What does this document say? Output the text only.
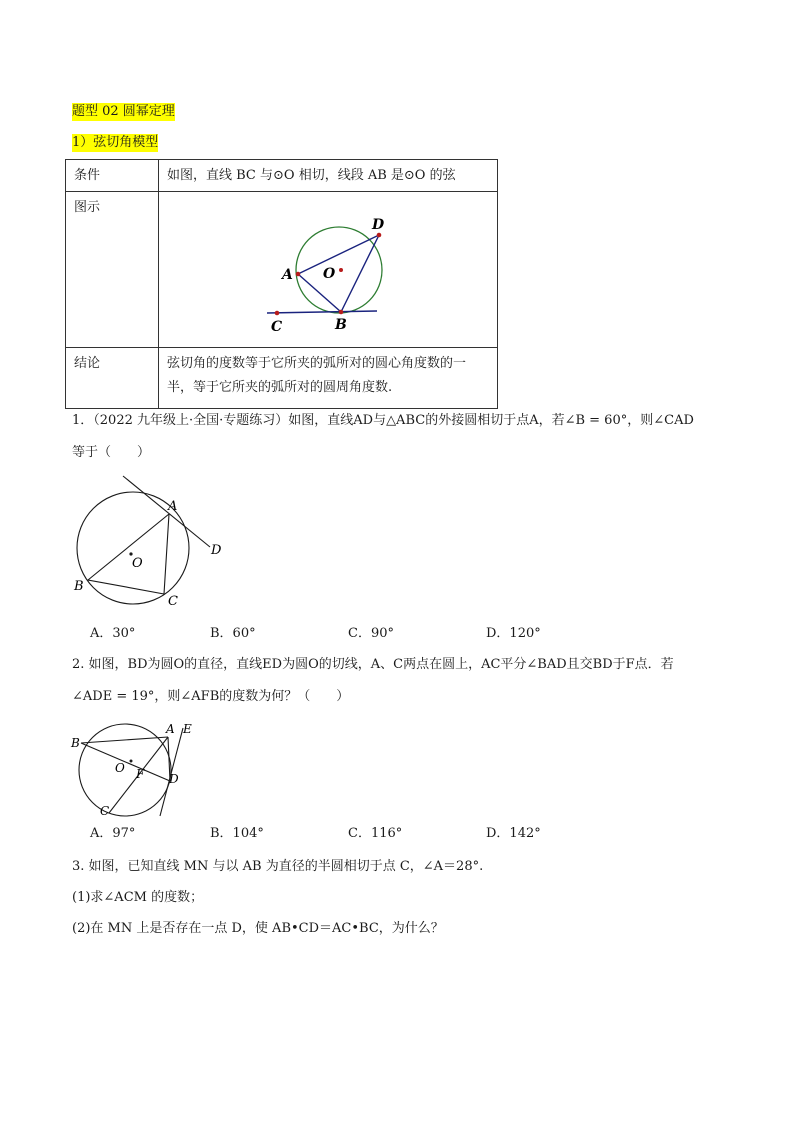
题型 02 圆幂定理
1）弦切角模型
条件	如图，直线 BC 与⊙O 相切，线段 AB 是⊙O 的弦
图示	D
A O
C B

结论	弦切角的度数等于它所夹的弧所对的圆心角度数的一
半，等于它所夹的弧所对的圆周角度数.
1．（2022 九年级上·全国·专题练习）如图，直线AD与△ABC的外接圆相切于点A，若∠B = 60°，则∠CAD
等于（　　）
A
O
D
B
C
A．30°	B．60°	C．90°	D．120°
2. 如图，BD为圆O的直径，直线ED为圆O的切线，A、C两点在圆上，AC平分∠BAD且交BD于F点．若
∠ADE = 19°，则∠AFB的度数为何？（　　）
B
A E
O F D
C
A．97°	B．104°	C．116°	D．142°
3. 如图，已知直线 MN 与以 AB 为直径的半圆相切于点 C，∠A＝28°.
(1)求∠ACM 的度数；
(2)在 MN 上是否存在一点 D，使 AB•CD＝AC•BC，为什么？
